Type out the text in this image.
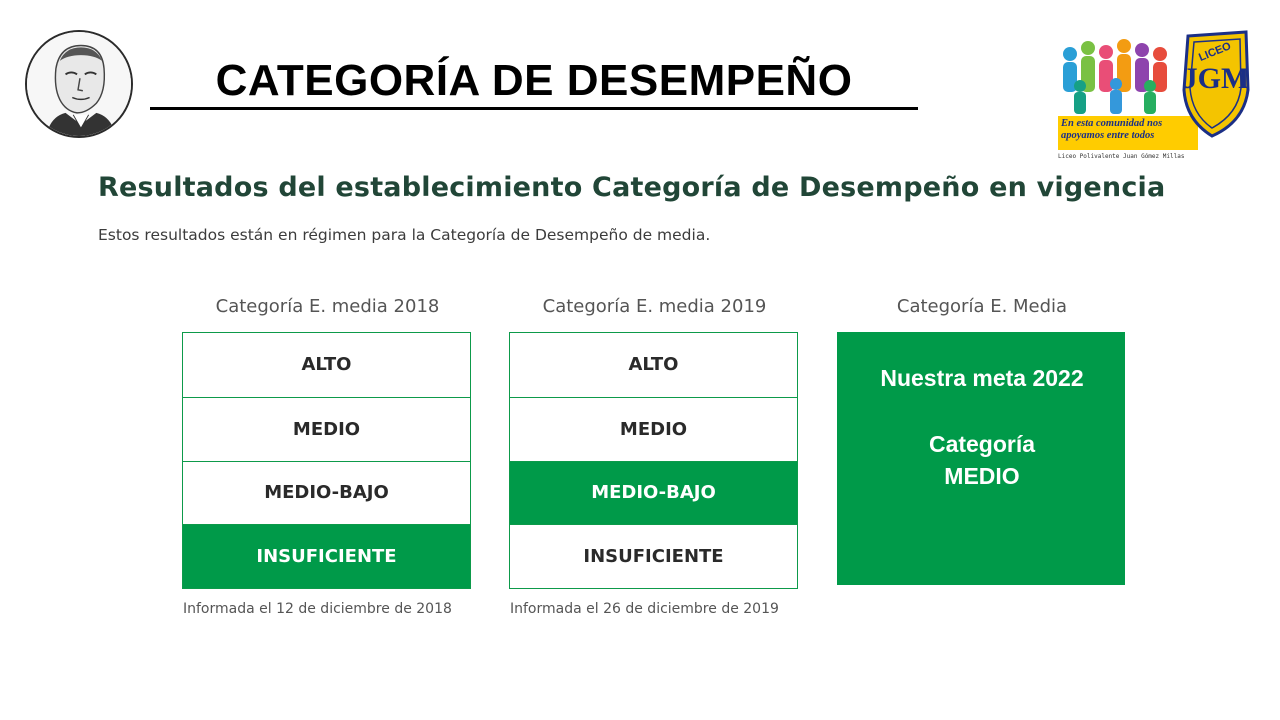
CATEGORÍA DE DESEMPEÑO
En esta comunidad nos
apoyamos entre todos
Liceo Polivalente Juan Gómez Millas
JGM
LICEO
Resultados del establecimiento Categoría de Desempeño en vigencia
Estos resultados están en régimen para la Categoría de Desempeño de media.
Categoría E. media 2018
ALTO
MEDIO
MEDIO-BAJO
INSUFICIENTE
Informada el 12 de diciembre de 2018
Categoría E. media 2019
ALTO
MEDIO
MEDIO-BAJO
INSUFICIENTE
Informada el 26 de diciembre de 2019
Categoría E. Media
Nuestra meta 2022
Categoría
MEDIO
